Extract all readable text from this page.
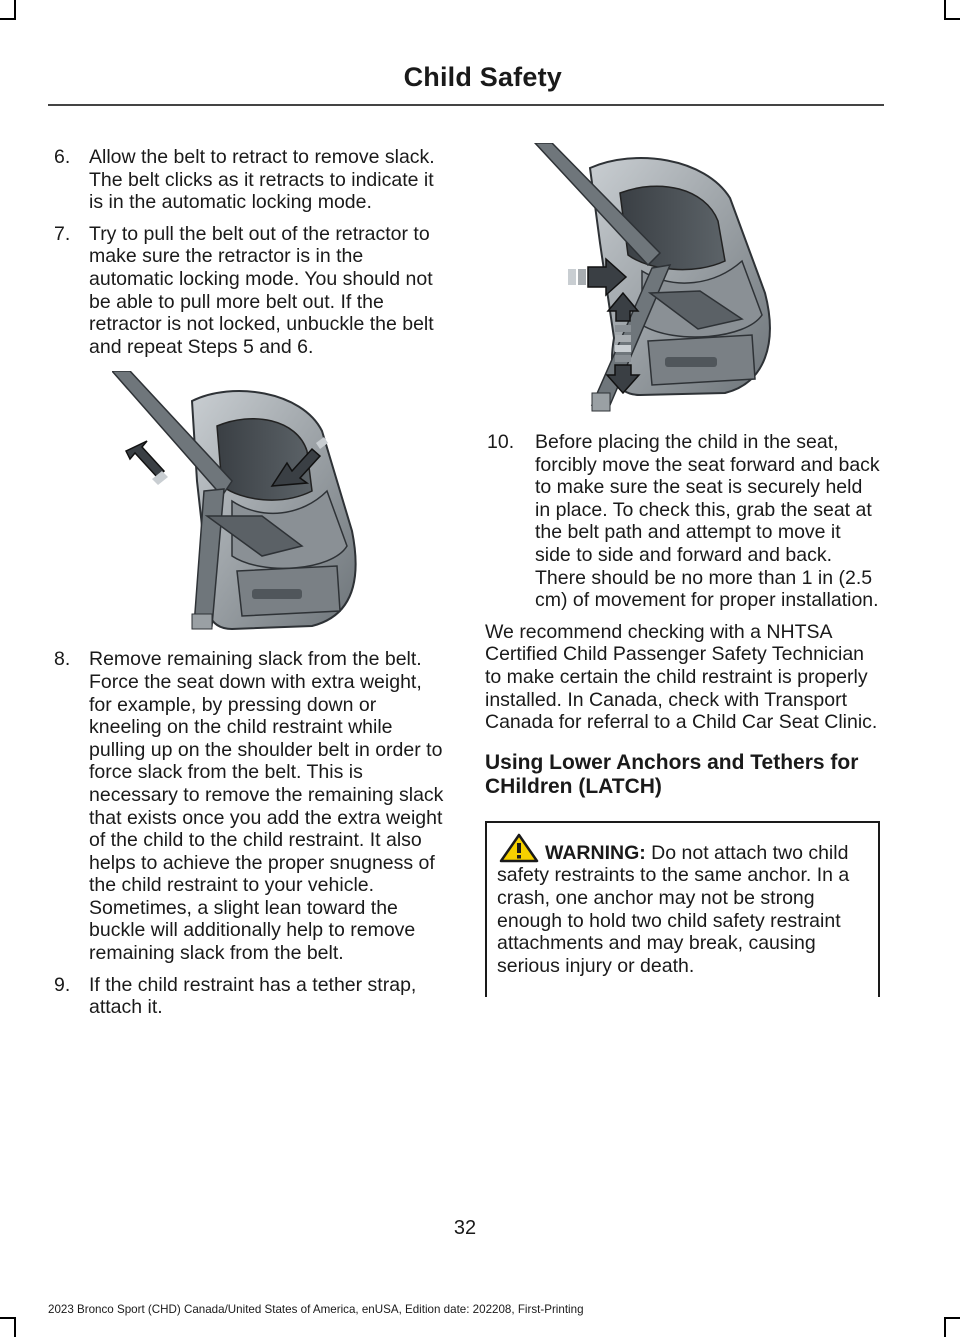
Child Safety
6. Allow the belt to retract to remove slack. The belt clicks as it retracts to indicate it is in the automatic locking mode.
7. Try to pull the belt out of the retractor to make sure the retractor is in the automatic locking mode. You should not be able to pull more belt out. If the retractor is not locked, unbuckle the belt and repeat Steps 5 and 6.
8. Remove remaining slack from the belt. Force the seat down with extra weight, for example, by pressing down or kneeling on the child restraint while pulling up on the shoulder belt in order to force slack from the belt. This is necessary to remove the remaining slack that exists once you add the extra weight of the child to the child restraint. It also helps to achieve the proper snugness of the child restraint to your vehicle. Sometimes, a slight lean toward the buckle will additionally help to remove remaining slack from the belt.
9. If the child restraint has a tether strap, attach it.
10. Before placing the child in the seat, forcibly move the seat forward and back to make sure the seat is securely held in place. To check this, grab the seat at the belt path and attempt to move it side to side and forward and back. There should be no more than 1 in (2.5 cm) of movement for proper installation.

We recommend checking with a NHTSA Certified Child Passenger Safety Technician to make certain the child restraint is properly installed. In Canada, check with Transport Canada for referral to a Child Car Seat Clinic.

Using Lower Anchors and Tethers for CHildren (LATCH)
WARNING: Do not attach two child safety restraints to the same anchor. In a crash, one anchor may not be strong enough to hold two child safety restraint attachments and may break, causing serious injury or death.
32
2023 Bronco Sport (CHD) Canada/United States of America, enUSA, Edition date: 202208, First-Printing
